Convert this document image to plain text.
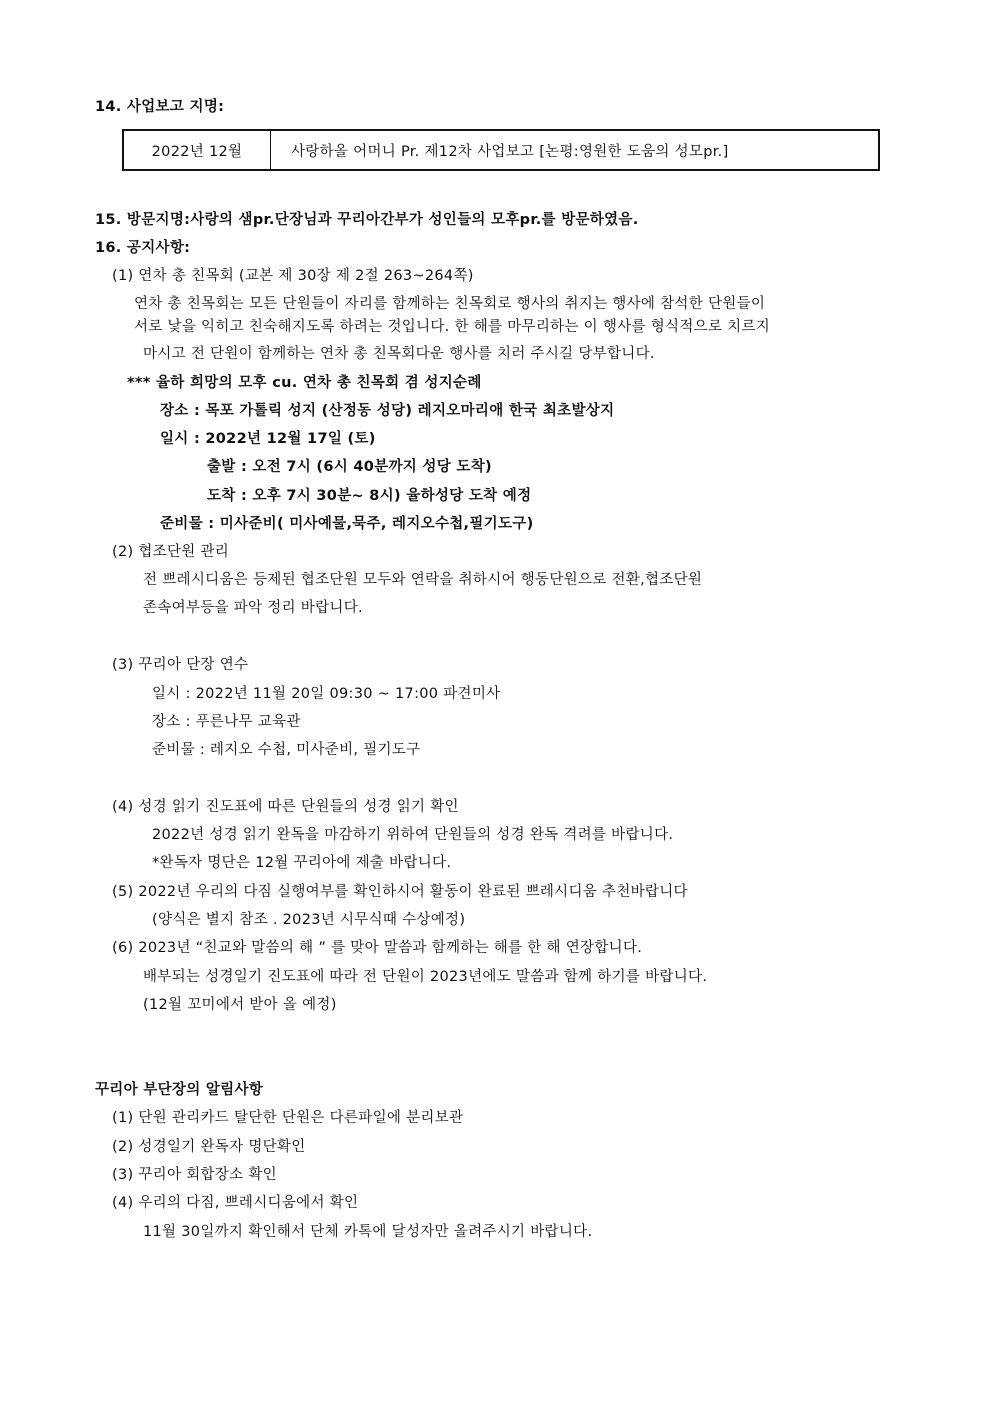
14. 사업보고 지명:
2022년 12월	사랑하올 어머니 Pr. 제12차 사업보고 [논평:영원한 도움의 성모pr.]
15. 방문지명:사랑의 샘pr.단장님과 꾸리아간부가 성인들의 모후pr.를 방문하였음.
16. 공지사항:
(1) 연차 총 친목회 (교본 제 30장 제 2절 263~264쪽)
연차 총 친목회는 모든 단원들이 자리를 함께하는 친목회로 행사의 취지는 행사에 참석한 단원들이
서로 낯을 익히고 친숙해지도록 하려는 것입니다. 한 해를 마무리하는 이 행사를 형식적으로 치르지
마시고 전 단원이 함께하는 연차 총 친목회다운 행사를 치러 주시길 당부합니다.
*** 율하 희망의 모후 cu. 연차 총 친목회 겸 성지순례
장소 : 목포 가톨릭 성지 (산정동 성당) 레지오마리애 한국 최초발상지
일시 : 2022년 12월 17일 (토)
출발 : 오전 7시 (6시 40분까지 성당 도착)
도착 : 오후 7시 30분~ 8시) 율하성당 도착 예정
준비물 : 미사준비( 미사예물,묵주, 레지오수첩,필기도구)
(2) 협조단원 관리
전 쁘레시디움은 등제된 협조단원 모두와 연락을 취하시어 행동단원으로 전환,협조단원
존속여부등을 파악 정리 바랍니다.
(3) 꾸리아 단장 연수
일시 : 2022년 11월 20일 09:30 ~ 17:00 파견미사
장소 : 푸른나무 교육관
준비물 : 레지오 수첩, 미사준비, 필기도구
(4) 성경 읽기 진도표에 따른 단원들의 성경 읽기 확인
2022년 성경 읽기 완독을 마감하기 위하여 단원들의 성경 완독 격려를 바랍니다.
*완독자 명단은 12월 꾸리아에 제출 바랍니다.
(5) 2022년 우리의 다짐 실행여부를 확인하시어 활동이 완료된 쁘레시디움 추천바랍니다
(양식은 별지 참조 . 2023년 시무식때 수상예정)
(6) 2023년 “친교와 말씀의 해 ” 를 맞아 말씀과 함께하는 해를 한 해 연장합니다.
배부되는 성경일기 진도표에 따라 전 단원이 2023년에도 말씀과 함께 하기를 바랍니다.
(12월 꼬미에서 받아 올 예정)
꾸리아 부단장의 알림사항
(1) 단원 관리카드 탈단한 단원은 다른파일에 분리보관
(2) 성경일기 완독자 명단확인
(3) 꾸리아 회합장소 확인
(4) 우리의 다짐, 쁘레시디움에서 확인
11월 30일까지 확인해서 단체 카톡에 달성자만 올려주시기 바랍니다.
